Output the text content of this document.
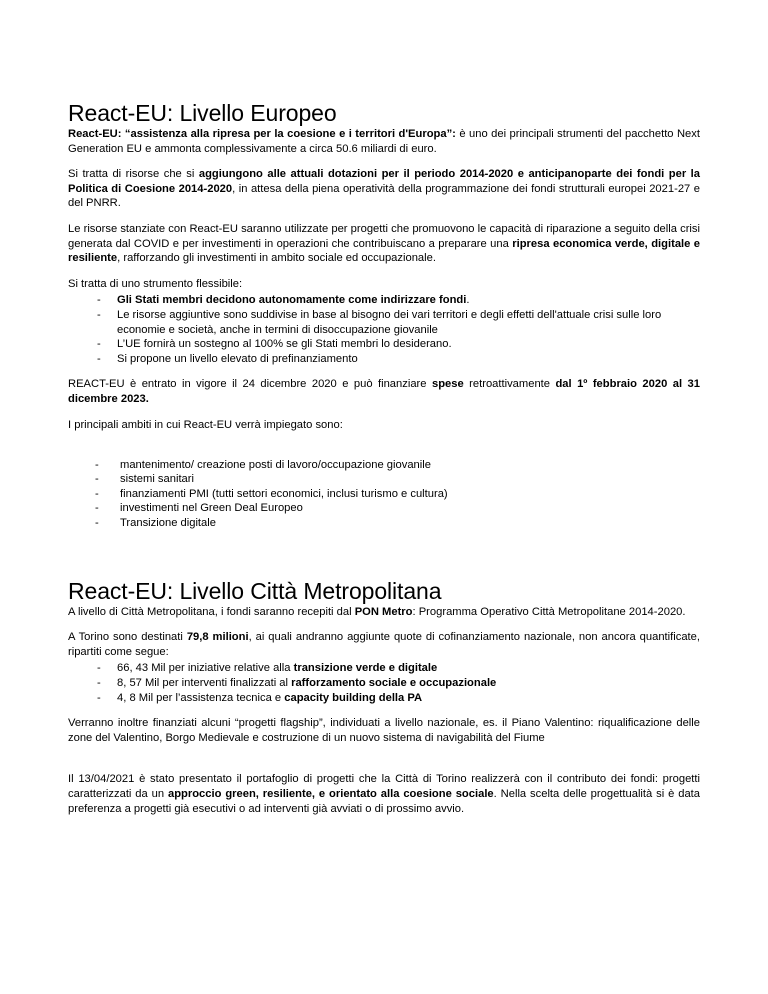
React-EU: Livello Europeo

React-EU: “assistenza alla ripresa per la coesione e i territori d'Europa”: è uno dei principali strumenti del pacchetto Next Generation EU e ammonta complessivamente a circa 50.6 miliardi di euro.

Si tratta di risorse che si aggiungono alle attuali dotazioni per il periodo 2014-2020 e anticipanoparte dei fondi per la Politica di Coesione 2014-2020, in attesa della piena operatività della programmazione dei fondi strutturali europei 2021-27 e del PNRR.

Le risorse stanziate con React-EU saranno utilizzate per progetti che promuovono le capacità di riparazione a seguito della crisi generata dal COVID e per investimenti in operazioni che contribuiscano a preparare una ripresa economica verde, digitale e resiliente, rafforzando gli investimenti in ambito sociale ed occupazionale.

Si tratta di uno strumento flessibile:

- Gli Stati membri decidono autonomamente come indirizzare fondi.
- Le risorse aggiuntive sono suddivise in base al bisogno dei vari territori e degli effetti dell'attuale crisi sulle loro economie e società, anche in termini di disoccupazione giovanile
- L’UE fornirà un sostegno al 100% se gli Stati membri lo desiderano.
- Si propone un livello elevato di prefinanziamento

REACT-EU è entrato in vigore il 24 dicembre 2020 e può finanziare spese retroattivamente dal 1º febbraio 2020 al 31 dicembre 2023.

I principali ambiti in cui React-EU verrà impiegato sono:

- mantenimento/ creazione posti di lavoro/occupazione giovanile
- sistemi sanitari
- finanziamenti PMI (tutti settori economici, inclusi turismo e cultura)
- investimenti nel Green Deal Europeo
- Transizione digitale
React-EU: Livello Città Metropolitana

A livello di Città Metropolitana, i fondi saranno recepiti dal PON Metro: Programma Operativo Città Metropolitane 2014-2020.

A Torino sono destinati 79,8 milioni, ai quali andranno aggiunte quote di cofinanziamento nazionale, non ancora quantificate, ripartiti come segue:

- 66, 43 Mil per iniziative relative alla transizione verde e digitale
- 8, 57 Mil per interventi finalizzati al rafforzamento sociale e occupazionale
- 4, 8 Mil per l’assistenza tecnica e capacity building della PA

Verranno inoltre finanziati alcuni “progetti flagship”, individuati a livello nazionale, es. il Piano Valentino: riqualificazione delle zone del Valentino, Borgo Medievale e costruzione di un nuovo sistema di navigabilità del Fiume

Il 13/04/2021 è stato presentato il portafoglio di progetti che la Città di Torino realizzerà con il contributo dei fondi: progetti caratterizzati da un approccio green, resiliente, e orientato alla coesione sociale. Nella scelta delle progettualità si è data preferenza a progetti già esecutivi o ad interventi già avviati o di prossimo avvio.
